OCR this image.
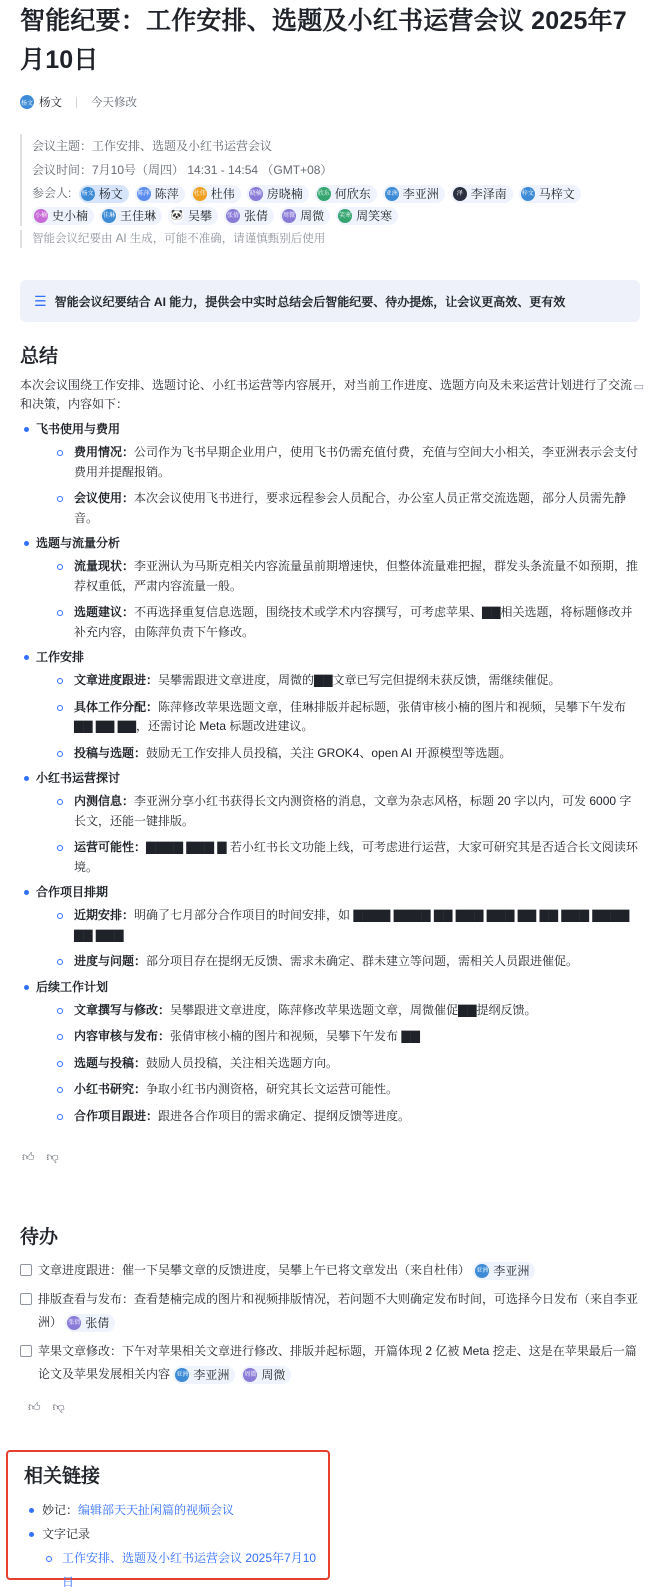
智能纪要：工作安排、选题及小红书运营会议 2025年7月10日
杨文 杨文	今天修改
会议主题：工作安排、选题及小红书运营会议
会议时间：7月10号（周四） 14:31 - 14:54 （GMT+08）
参会人: 杨文 杨文 陈萍 陈萍 杜伟 杜伟 晓楠 房晓楠 欣东 何欣东 亚洲 李亚洲	泽 李泽南 梓文 马梓文
小楠 史小楠 佳琳 王佳琳 🐼 吴攀 张倩 张倩 周微 周微 笑寒 周笑寒
智能会议纪要由 AI 生成，可能不准确，请谨慎甄别后使用
☰ 智能会议纪要结合 AI 能力，提供会中实时总结会后智能纪要、待办提炼，让会议更高效、更有效
总结
本次会议围绕工作安排、选题讨论、小红书运营等内容展开，对当前工作进度、选题方向及未来运营计划进行了交流和决策，内容如下：
▭
飞书使用与费用
费用情况：公司作为飞书早期企业用户，使用飞书仍需充值付费，充值与空间大小相关，李亚洲表示会支付费用并提醒报销。
会议使用：本次会议使用飞书进行，要求远程参会人员配合，办公室人员正常交流选题，部分人员需先静音。
选题与流量分析
流量现状：李亚洲认为马斯克相关内容流量虽前期增速快，但整体流量难把握，群发头条流量不如预期，推荐权重低，严肃内容流量一般。
选题建议：不再选择重复信息选题，围绕技术或学术内容撰写，可考虑苹果、▇▇相关选题，将标题修改并补充内容，由陈萍负责下午修改。
工作安排
文章进度跟进：吴攀需跟进文章进度，周微的▇▇文章已写完但提纲未获反馈，需继续催促。
具体工作分配：陈萍修改苹果选题文章，佳琳排版并起标题，张倩审核小楠的图片和视频，吴攀下午发布 ▇▇ ▇▇ ▇▇，还需讨论 Meta 标题改进建议。
投稿与选题：鼓励无工作安排人员投稿，关注 GROK4、open AI 开源模型等选题。
小红书运营探讨
内测信息：李亚洲分享小红书获得长文内测资格的消息，文章为杂志风格，标题 20 字以内，可发 6000 字长文，还能一键排版。
运营可能性：▇▇▇▇ ▇▇▇ ▇ 若小红书长文功能上线，可考虑进行运营，大家可研究其是否适合长文阅读环境。
合作项目排期
近期安排：明确了七月部分合作项目的时间安排，如 ▇▇▇▇ ▇▇▇▇ ▇▇ ▇▇▇ ▇▇▇ ▇▇ ▇▇ ▇▇▇ ▇▇▇▇ ▇▇ ▇▇▇
进度与问题：部分项目存在提纲无反馈、需求未确定、群未建立等问题，需相关人员跟进催促。
后续工作计划
文章撰写与修改：吴攀跟进文章进度，陈萍修改苹果选题文章，周微催促▇▇提纲反馈。
内容审核与发布：张倩审核小楠的图片和视频，吴攀下午发布 ▇▇
选题与投稿：鼓励人员投稿，关注相关选题方向。
小红书研究：争取小红书内测资格，研究其长文运营可能性。
合作项目跟进：跟进各合作项目的需求确定、提纲反馈等进度。
👍︎ 👎︎
待办
文章进度跟进：催一下吴攀文章的反馈进度，吴攀上午已将文章发出（来自杜伟） 亚洲 李亚洲
排版查看与发布：查看楚楠完成的图片和视频排版情况，若问题不大则确定发布时间，可选择今日发布（来自李亚洲） 张倩 张倩
苹果文章修改：下午对苹果相关文章进行修改、排版并起标题，开篇体现 2 亿被 Meta 挖走、这是在苹果最后一篇论文及苹果发展相关内容 亚洲 李亚洲 周微 周微
👍︎ 👎︎
相关链接
妙记：编辑部天天扯闲篇的视频会议
文字记录
工作安排、选题及小红书运营会议 2025年7月10日
